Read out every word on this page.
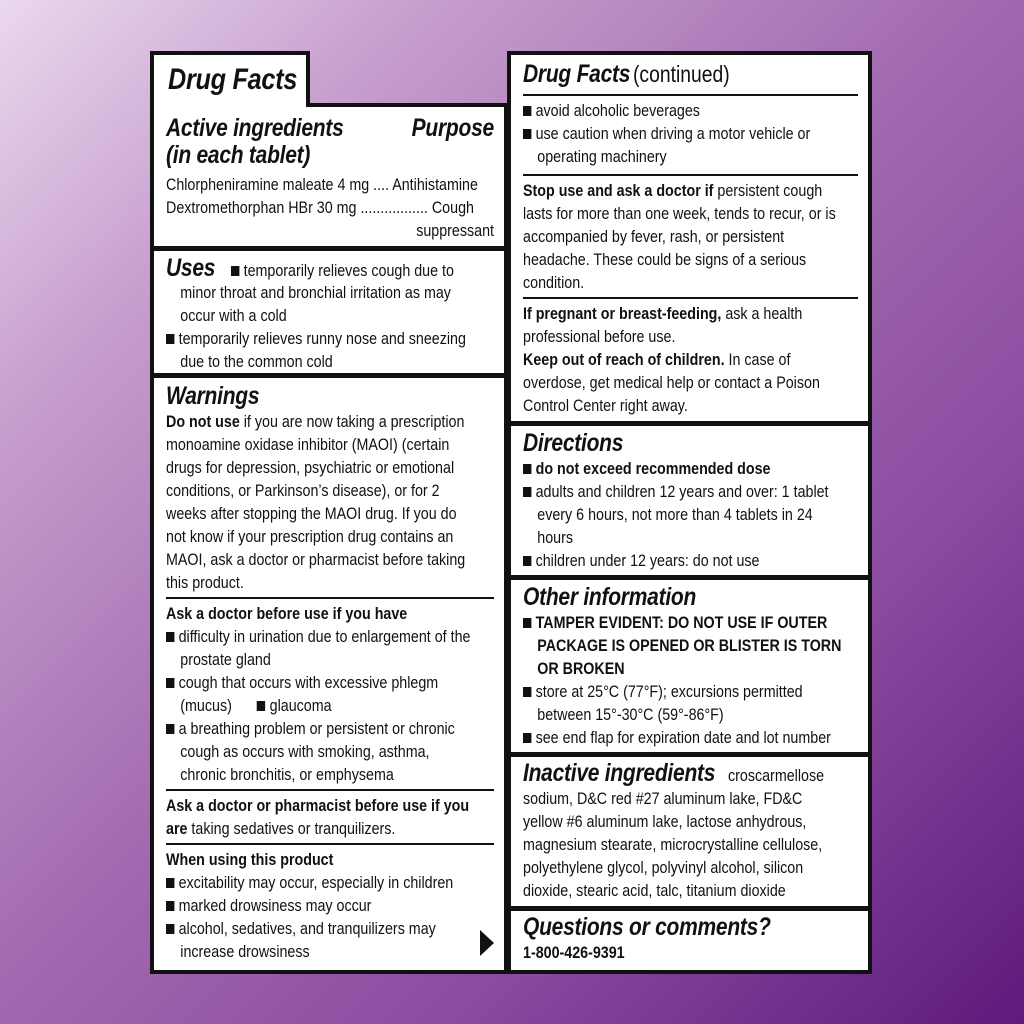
Active ingredients	Purpose
(in each tablet)
Chlorpheniramine maleate 4 mg .... Antihistamine
Dextromethorphan HBr 30 mg ................. Cough
suppressant
Uses temporarily relieves cough due to
minor throat and bronchial irritation as may
occur with a cold
temporarily relieves runny nose and sneezing
due to the common cold
Warnings
Do not use if you are now taking a prescription
monoamine oxidase inhibitor (MAOI) (certain
drugs for depression, psychiatric or emotional
conditions, or Parkinson’s disease), or for 2
weeks after stopping the MAOI drug. If you do
not know if your prescription drug contains an
MAOI, ask a doctor or pharmacist before taking
this product.
Ask a doctor before use if you have
difficulty in urination due to enlargement of the
prostate gland
cough that occurs with excessive phlegm
(mucus) glaucoma
a breathing problem or persistent or chronic
cough as occurs with smoking, asthma,
chronic bronchitis, or emphysema
Ask a doctor or pharmacist before use if you
are taking sedatives or tranquilizers.
When using this product
excitability may occur, especially in children
marked drowsiness may occur
alcohol, sedatives, and tranquilizers may
increase drowsiness
Drug Facts	Drug Facts (continued)
avoid alcoholic beverages
use caution when driving a motor vehicle or
operating machinery
Stop use and ask a doctor if persistent cough
lasts for more than one week, tends to recur, or is
accompanied by fever, rash, or persistent
headache. These could be signs of a serious
condition.
If pregnant or breast-feeding, ask a health
professional before use.
Keep out of reach of children. In case of
overdose, get medical help or contact a Poison
Control Center right away.
Directions
do not exceed recommended dose
adults and children 12 years and over: 1 tablet
every 6 hours, not more than 4 tablets in 24
hours
children under 12 years: do not use
Other information
TAMPER EVIDENT: DO NOT USE IF OUTER
PACKAGE IS OPENED OR BLISTER IS TORN
OR BROKEN
store at 25°C (77°F); excursions permitted
between 15°-30°C (59°-86°F)
see end flap for expiration date and lot number
Inactive ingredients croscarmellose
sodium, D&C red #27 aluminum lake, FD&C
yellow #6 aluminum lake, lactose anhydrous,
magnesium stearate, microcrystalline cellulose,
polyethylene glycol, polyvinyl alcohol, silicon
dioxide, stearic acid, talc, titanium dioxide
Questions or comments?
1-800-426-9391
